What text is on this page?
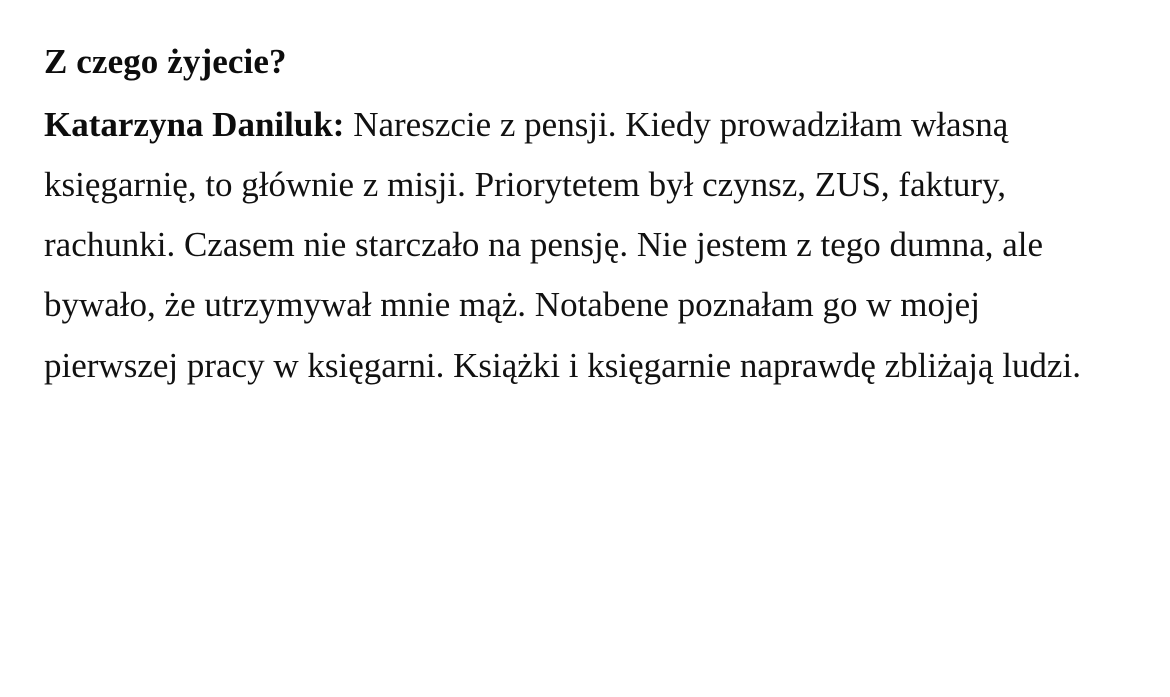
Z czego żyjecie?

Katarzyna Daniluk: Nareszcie z pensji. Kiedy prowadziłam własną księgarnię, to głównie z misji. Priorytetem był czynsz, ZUS, faktury, rachunki. Czasem nie starczało na pensję. Nie jestem z tego dumna, ale bywało, że utrzymywał mnie mąż. Notabene poznałam go w mojej pierwszej pracy w księgarni. Książki i księgarnie naprawdę zbliżają ludzi.
